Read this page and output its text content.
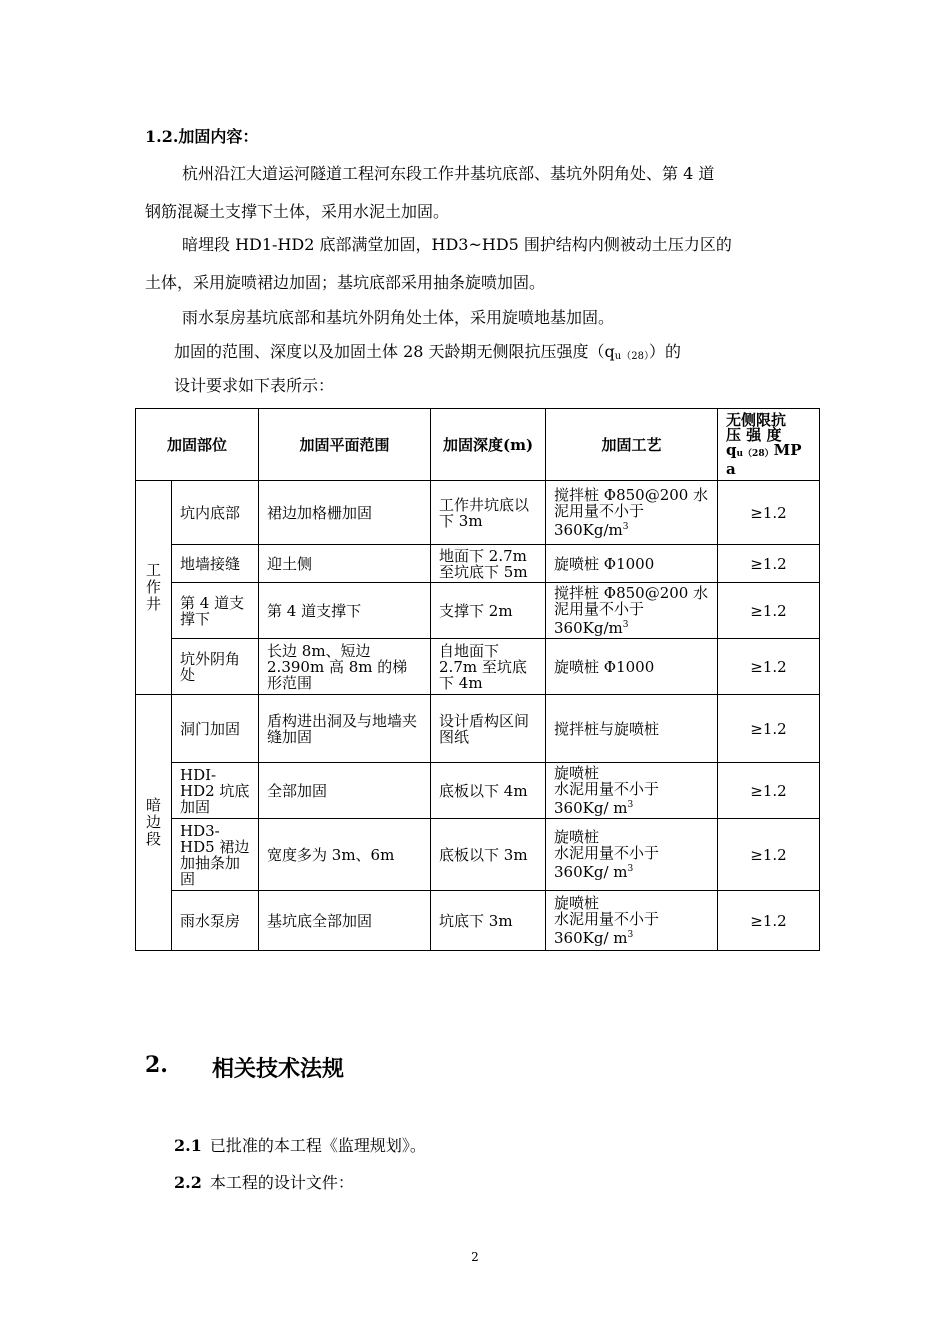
1.2.加固内容：
杭州沿江大道运河隧道工程河东段工作井基坑底部、基坑外阴角处、第 4 道
钢筋混凝土支撑下土体，采用水泥土加固。
暗埋段 HD1-HD2 底部满堂加固，HD3~HD5 围护结构内侧被动土压力区的
土体，采用旋喷裙边加固；基坑底部采用抽条旋喷加固。
雨水泵房基坑底部和基坑外阴角处土体，采用旋喷地基加固。
加固的范围、深度以及加固土体 28 天龄期无侧限抗压强度$(q_{u(28)})$的
设计要求如下表所示：
加固部位		加固平面范围	加固深度(m)	加固工艺	无侧限抗
压 强 度
qu（28）MP
a

工作井	坑内底部	裙边加格栅加固	工作井坑底以下 3m	搅拌桩 Φ850@200 水泥用量不小于 $360Kg/m^3$	≥1.2
	地墙接缝	迎土侧	地面下 2.7m 至坑底下 5m	旋喷桩 Φ1000	≥1.2
	第 4 道支撑下	第 4 道支撑下	支撑下 2m	搅拌桩 Φ850@200 水泥用量不小于 $360Kg/m^3$	≥1.2
	坑外阴角处	长边 8m、短边 2.390m 高 8m 的梯形范围	自地面下 2.7m 至坑底下 4m	旋喷桩 Φ1000	≥1.2
暗边段	洞门加固	盾构进出洞及与地墙夹缝加固	设计盾构区间图纸	搅拌桩与旋喷桩	≥1.2
	HDI-HD2 坑底加固	全部加固	底板以下 4m	旋喷桩
水泥用量不小于 360Kg/ $m^3$	≥1.2
	HD3-HD5 裙边加抽条加固	宽度多为 3m、6m	底板以下 3m	旋喷桩
水泥用量不小于 360Kg/ $m^3$	≥1.2
	雨水泵房	基坑底全部加固	坑底下 3m	旋喷桩
水泥用量不小于 360Kg/ $m^3$	≥1.2
2. 相关技术法规
2.1 已批准的本工程《监理规划》。
2.2 本工程的设计文件：
2
